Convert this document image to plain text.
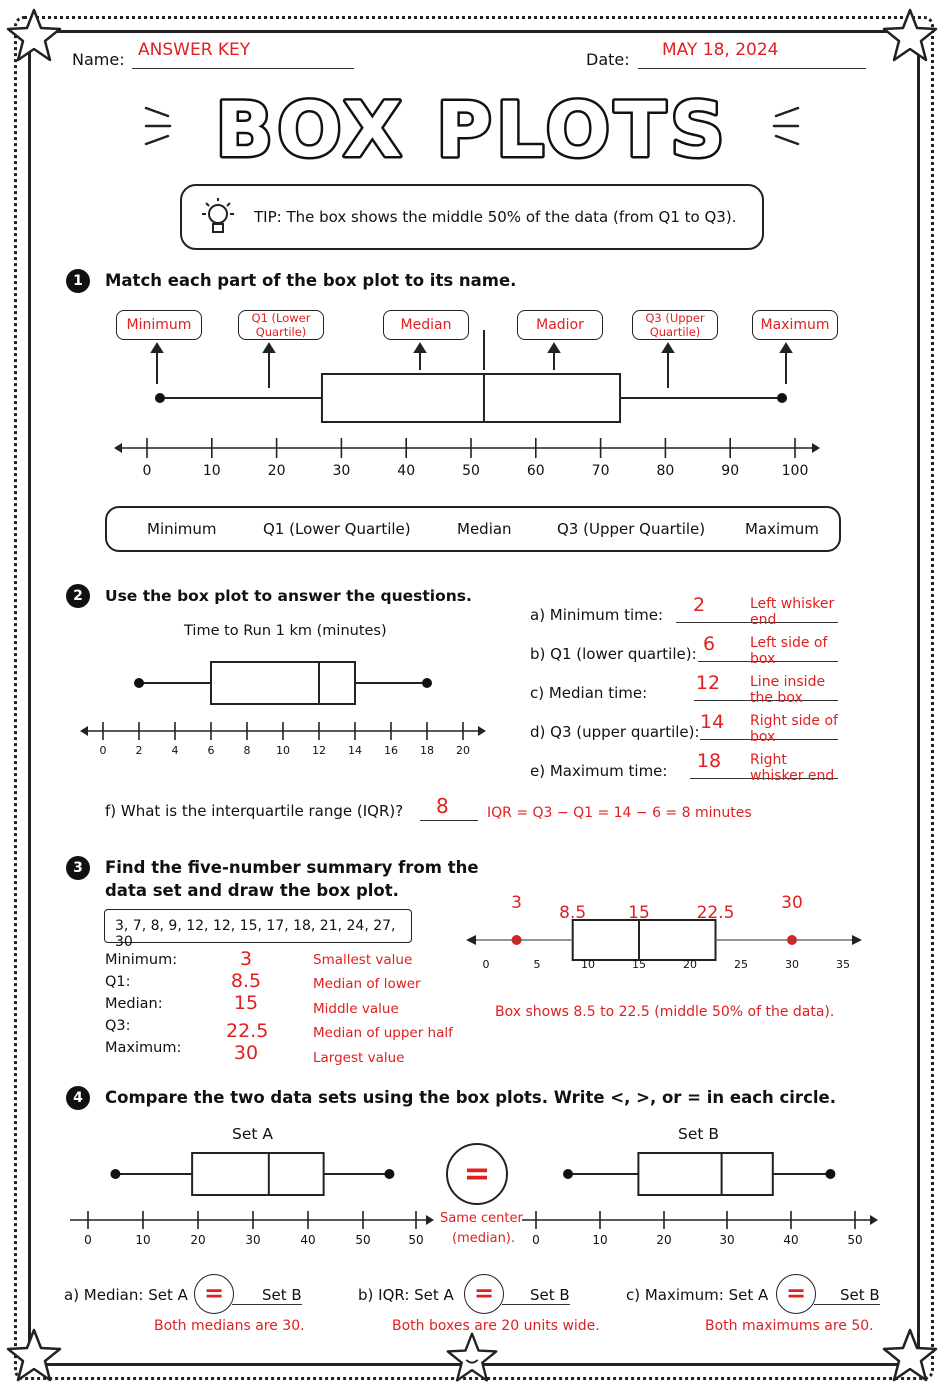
Name: ANSWER KEY	Date: MAY 18, 2024
BOX PLOTS
TIP: The box shows the middle 50% of the data (from Q1 to Q3).
1	Match each part of the box plot to its name.
Minimum	Q1 (Lower Quartile)	Median	Madior	Q3 (Upper Quartile)	Maximum
0	10	20	30	40	50	60	70	80	90	100
Minimum	Q1 (Lower Quartile)	Median	Q3 (Upper Quartile)	Maximum
2	Use the box plot to answer the questions.
Time to Run 1 km (minutes)
0	2	4	6	8 10 12 14 16 18 20
a) Minimum time:	2	Left whisker end
b) Q1 (lower quartile): 6	Left side of box
c) Median time:	12 Line inside the box
d) Q3 (upper quartile): 14 Right side of box
e) Maximum time:	18	Right whisker end
f) What is the interquartile range (IQR)? 8	IQR = Q3 − Q1 = 14 − 6 = 8 minutes
3	Find the five-number summary from the
data set and draw the box plot.
3, 7, 8, 9, 12, 12, 15, 17, 18, 21, 24, 27, 30
Minimum:	3	Smallest value
Q1:	8.5	Median of lower
Median:	15	Middle value
Q3:	22.5	Median of upper half
Maximum:	30	Largest value
3 8.5 15	22.5	30
0	5	10	15	20	25	30	35
Box shows 8.5 to 22.5 (middle 50% of the data).
4	Compare the two data sets using the box plots. Write <, >, or = in each circle.
Set A	Set B
0	10	20	30	40	50	50	0	10	20	30	40	50
=
Same center
(median).
a) Median: Set A =	Set B
Both medians are 30.
b) IQR: Set A =	Set B
Both boxes are 20 units wide.
c) Maximum: Set A =	Set B
Both maximums are 50.
